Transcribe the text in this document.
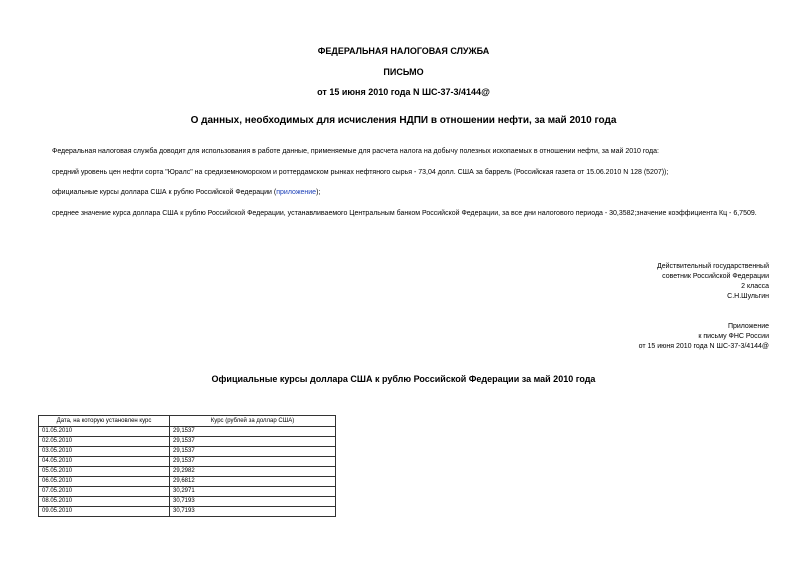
ФЕДЕРАЛЬНАЯ НАЛОГОВАЯ СЛУЖБА
ПИСЬМО
от 15 июня 2010 года N ШС-37-3/4144@
О данных, необходимых для исчисления НДПИ в отношении нефти, за май 2010 года
Федеральная налоговая служба доводит для использования в работе данные, применяемые для расчета налога на добычу полезных ископаемых в отношении нефти, за май 2010 года:
средний уровень цен нефти сорта "Юралс" на средиземноморском и роттердамском рынках нефтяного сырья - 73,04 долл. США за баррель (Российская газета от 15.06.2010 N 128 (5207));
официальные курсы доллара США к рублю Российской Федерации (приложение);
среднее значение курса доллара США к рублю Российской Федерации, устанавливаемого Центральным банком Российской Федерации, за все дни налогового периода - 30,3582;значение коэффициента Кц - 6,7509.
Действительный государственный
советник Российской Федерации
2 класса
С.Н.Шульгин
Приложение
к письму ФНС России
от 15 июня 2010 года N ШС-37-3/4144@
Официальные курсы доллара США к рублю Российской Федерации за май 2010 года
Дата, на которую установлен курс	Курс (рублей за доллар США)
01.05.2010	29,1537
02.05.2010	29,1537
03.05.2010	29,1537
04.05.2010	29,1537
05.05.2010	29,2982
06.05.2010	29,6812
07.05.2010	30,2971
08.05.2010	30,7193
09.05.2010	30,7193
